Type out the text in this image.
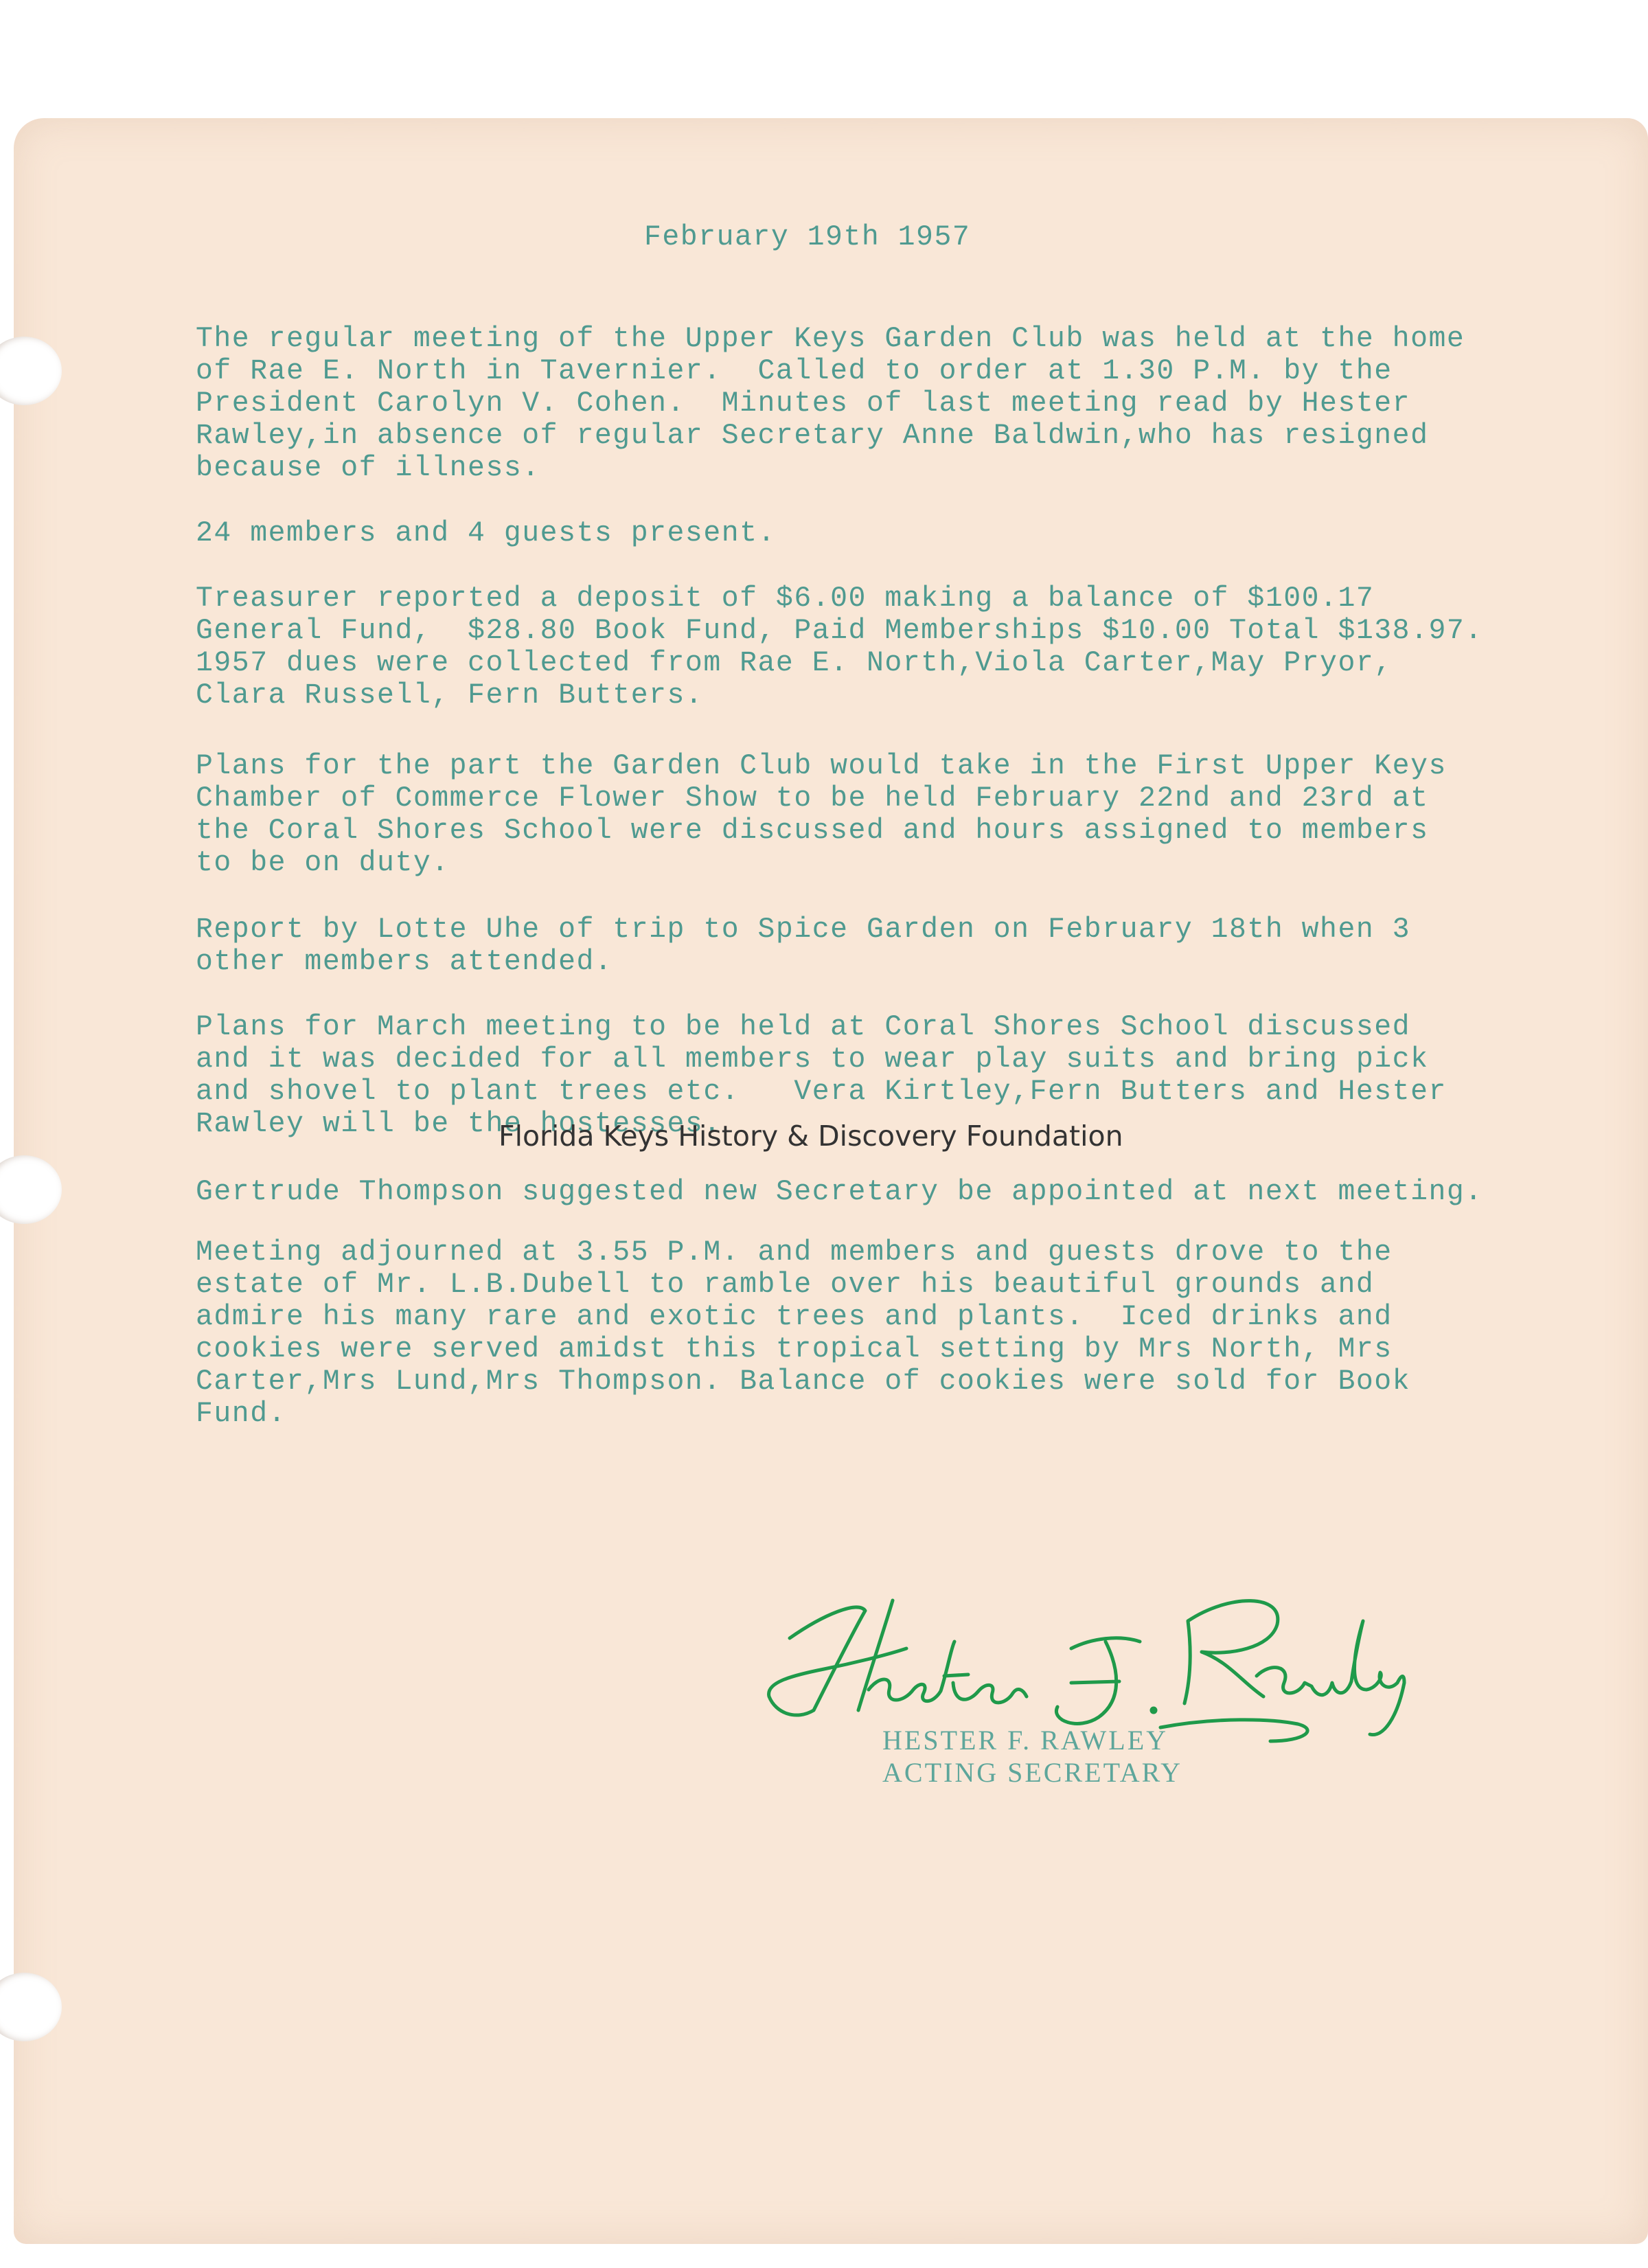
February 19th 1957

The regular meeting of the Upper Keys Garden Club was held at the home
of Rae E. North in Tavernier.  Called to order at 1.30 P.M. by the
President Carolyn V. Cohen.  Minutes of last meeting read by Hester
Rawley,in absence of regular Secretary Anne Baldwin,who has resigned
because of illness.

24 members and 4 guests present.

Treasurer reported a deposit of $6.00 making a balance of $100.17
General Fund,  $28.80 Book Fund, Paid Memberships $10.00 Total $138.97.
1957 dues were collected from Rae E. North,Viola Carter,May Pryor,
Clara Russell, Fern Butters.

Plans for the part the Garden Club would take in the First Upper Keys
Chamber of Commerce Flower Show to be held February 22nd and 23rd at
the Coral Shores School were discussed and hours assigned to members
to be on duty.

Report by Lotte Uhe of trip to Spice Garden on February 18th when 3
other members attended.

Plans for March meeting to be held at Coral Shores School discussed
and it was decided for all members to wear play suits and bring pick
and shovel to plant trees etc.   Vera Kirtley,Fern Butters and Hester
Rawley will be the hostesses.

Gertrude Thompson suggested new Secretary be appointed at next meeting.

Meeting adjourned at 3.55 P.M. and members and guests drove to the
estate of Mr. L.B.Dubell to ramble over his beautiful grounds and
admire his many rare and exotic trees and plants.  Iced drinks and
cookies were served amidst this tropical setting by Mrs North, Mrs
Carter,Mrs Lund,Mrs Thompson. Balance of cookies were sold for Book
Fund.

Florida Keys History & Discovery Foundation

HESTER F. RAWLEY
ACTING SECRETARY
